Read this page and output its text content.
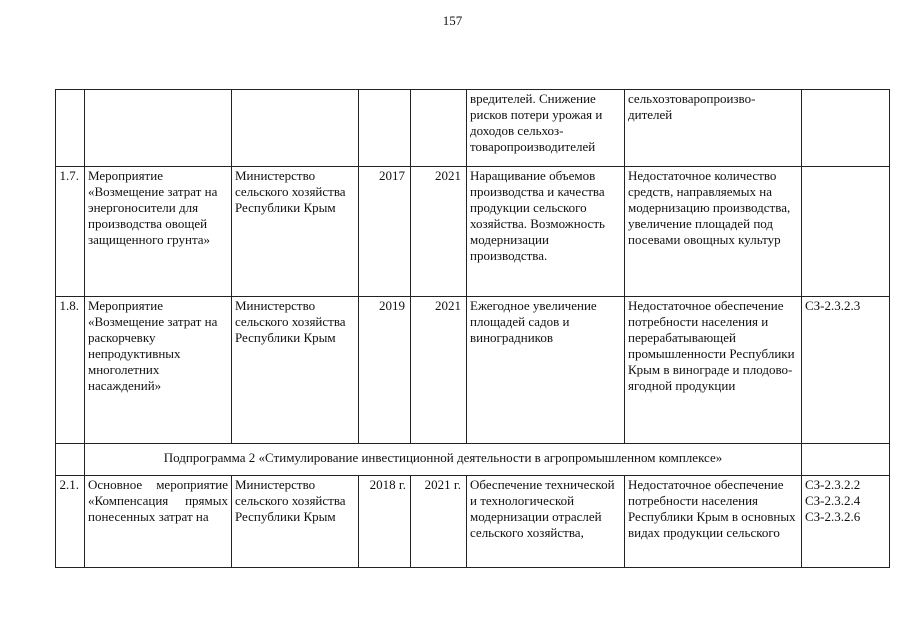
157
					вредителей. Снижение рисков потери урожая и доходов сельхоз-товаропроизводителей	сельхозтоваропроизво-дителей	
1.7.	Мероприятие «Возмещение затрат на энергоносители для производства овощей защищенного грунта»	Министерство сельского хозяйства Республики Крым	2017	2021	Наращивание объемов производства и качества продукции сельского хозяйства. Возможность модернизации производства.	Недостаточное количество средств, направляемых на модернизацию производства, увеличение площадей под посевами овощных культур	
1.8.	Мероприятие «Возмещение затрат на раскорчевку непродуктивных многолетних насаждений»	Министерство сельского хозяйства Республики Крым	2019	2021	Ежегодное увеличение площадей садов и виноградников	Недостаточное обеспечение потребности населения и перерабатывающей промышленности Республики Крым в винограде и плодово-ягодной продукции	СЗ-2.3.2.3

	Подпрограмма 2 «Стимулирование инвестиционной деятельности в агропромышленном комплексе»						
2.1.	Основное мероприятие «Компенсация прямых понесенных затрат на	Министерство сельского хозяйства Республики Крым	2018 г.	2021 г.	Обеспечение технической и технологической модернизации отраслей сельского хозяйства,	Недостаточное обеспечение потребности населения Республики Крым в основных видах продукции сельского	СЗ-2.3.2.2
СЗ-2.3.2.4
СЗ-2.3.2.6
